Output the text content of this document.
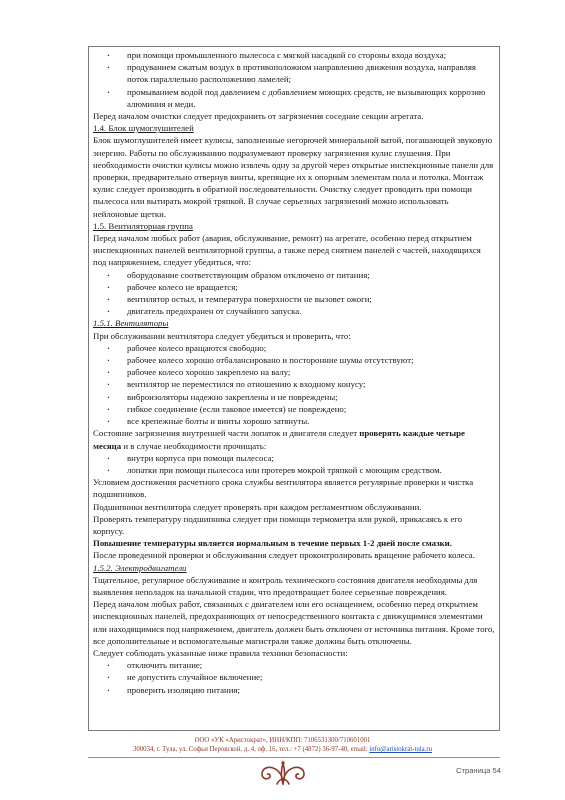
· при помощи промышленного пылесоса с мягкой насадкой со стороны входа воздуха;
· продуванием сжатым воздух в противоположном направлению движения воздуха, направляя поток параллельно расположению ламелей;
· промыванием водой под давлением с добавлением моющих средств, не вызывающих коррозию алюминия и меди.

Перед началом очистки следует предохранить от загрязнения соседние секции агрегата.

1.4. Блок шумоглушителей

Блок шумоглушителей имеет кулисы, заполненные негорючей минеральной ватой, погашающей звуковую энергию. Работы по обслуживанию подразумевают проверку загрязнения кулис глушения. При необходимости очистки кулисы можно извлечь одну за другой через открытые инспекционные панели для проверки, предварительно отвернув винты, крепящие их к опорным элементам пола и потолка. Монтаж кулис следует производить в обратной последовательности. Очистку следует проводить при помощи пылесоса или вытирать мокрой тряпкой. В случае серьезных загрязнений можно использовать нейлоновые щетки.

1.5. Вентиляторная группа

Перед началом любых работ (авария, обслуживание, ремонт) на агрегате, особенно перед открытием инспекционных панелей вентиляторной группы, а также перед снятием панелей с частей, находящихся под напряжением, следует убедиться, что:

· оборудование соответствующим образом отключено от питания;
· рабочее колесо не вращается;
· вентилятор остыл, и температура поверхности не вызовет ожоги;
· двигатель предохранен от случайного запуска.

1.5.1. Вентиляторы

При обслуживании вентилятора следует убедиться и проверить, что:

· рабочее колесо вращаются свободно;
· рабочее колесо хорошо отбалансировано и посторонние шумы отсутствуют;
· рабочее колесо хорошо закреплено на валу;
· вентилятор не переместился по отношению к входному конусу;
· виброизоляторы надежно закреплены и не повреждены;
· гибкое соединение (если таковое имеется) не повреждено;
· все крепежные болты и винты хорошо затянуты.

Состояние загрязнения внутренней части лопаток и двигателя следует проверять каждые четыре месяца и в случае необходимости прочищать:

· внутри корпуса при помощи пылесоса;
· лопатки при помощи пылесоса или протерев мокрой тряпкой с моющим средством.

Условием достижения расчетного срока службы вентилятора является регулярные проверки и чистка подшипников.

Подшипники вентилятора следует проверять при каждом регламентном обслуживании.

Проверять температуру подшипника следует при помощи термометра или рукой, прикасаясь к его корпусу.

Повышение температуры является нормальным в течение первых 1-2 дней после смазки.

После проведенной проверки и обслуживания следует проконтролировать вращение рабочего колеса.

1.5.2. Электродвигатели

Тщательное, регулярное обслуживание и контроль технического состояния двигателя необходимы для выявления неполадок на начальной стадии, что предотвращает более серьезные повреждения.

Перед началом любых работ, связанных с двигателем или его оснащением, особенно перед открытием инспекционных панелей, предохраняющих от непосредственного контакта с движущимися элементами или находящимися под напряжением, двигатель должен быть отключен от источника питания. Кроме того, все дополнительные и вспомогательные магистрали также должны быть отключены.

Следует соблюдать указанные ниже правила техники безопасности:

· отключить питание;
· не допустить случайное включение;
· проверить изоляцию питания;
ООО «УК «Аристократ», ИНН/КПП: 7106531300/710601001
300034, г. Тула, ул. Софьи Перовской, д. 4, оф. 16, тел.: +7 (4872) 36-97-40, email: info@aristokrat-tula.ru
Страница 54
